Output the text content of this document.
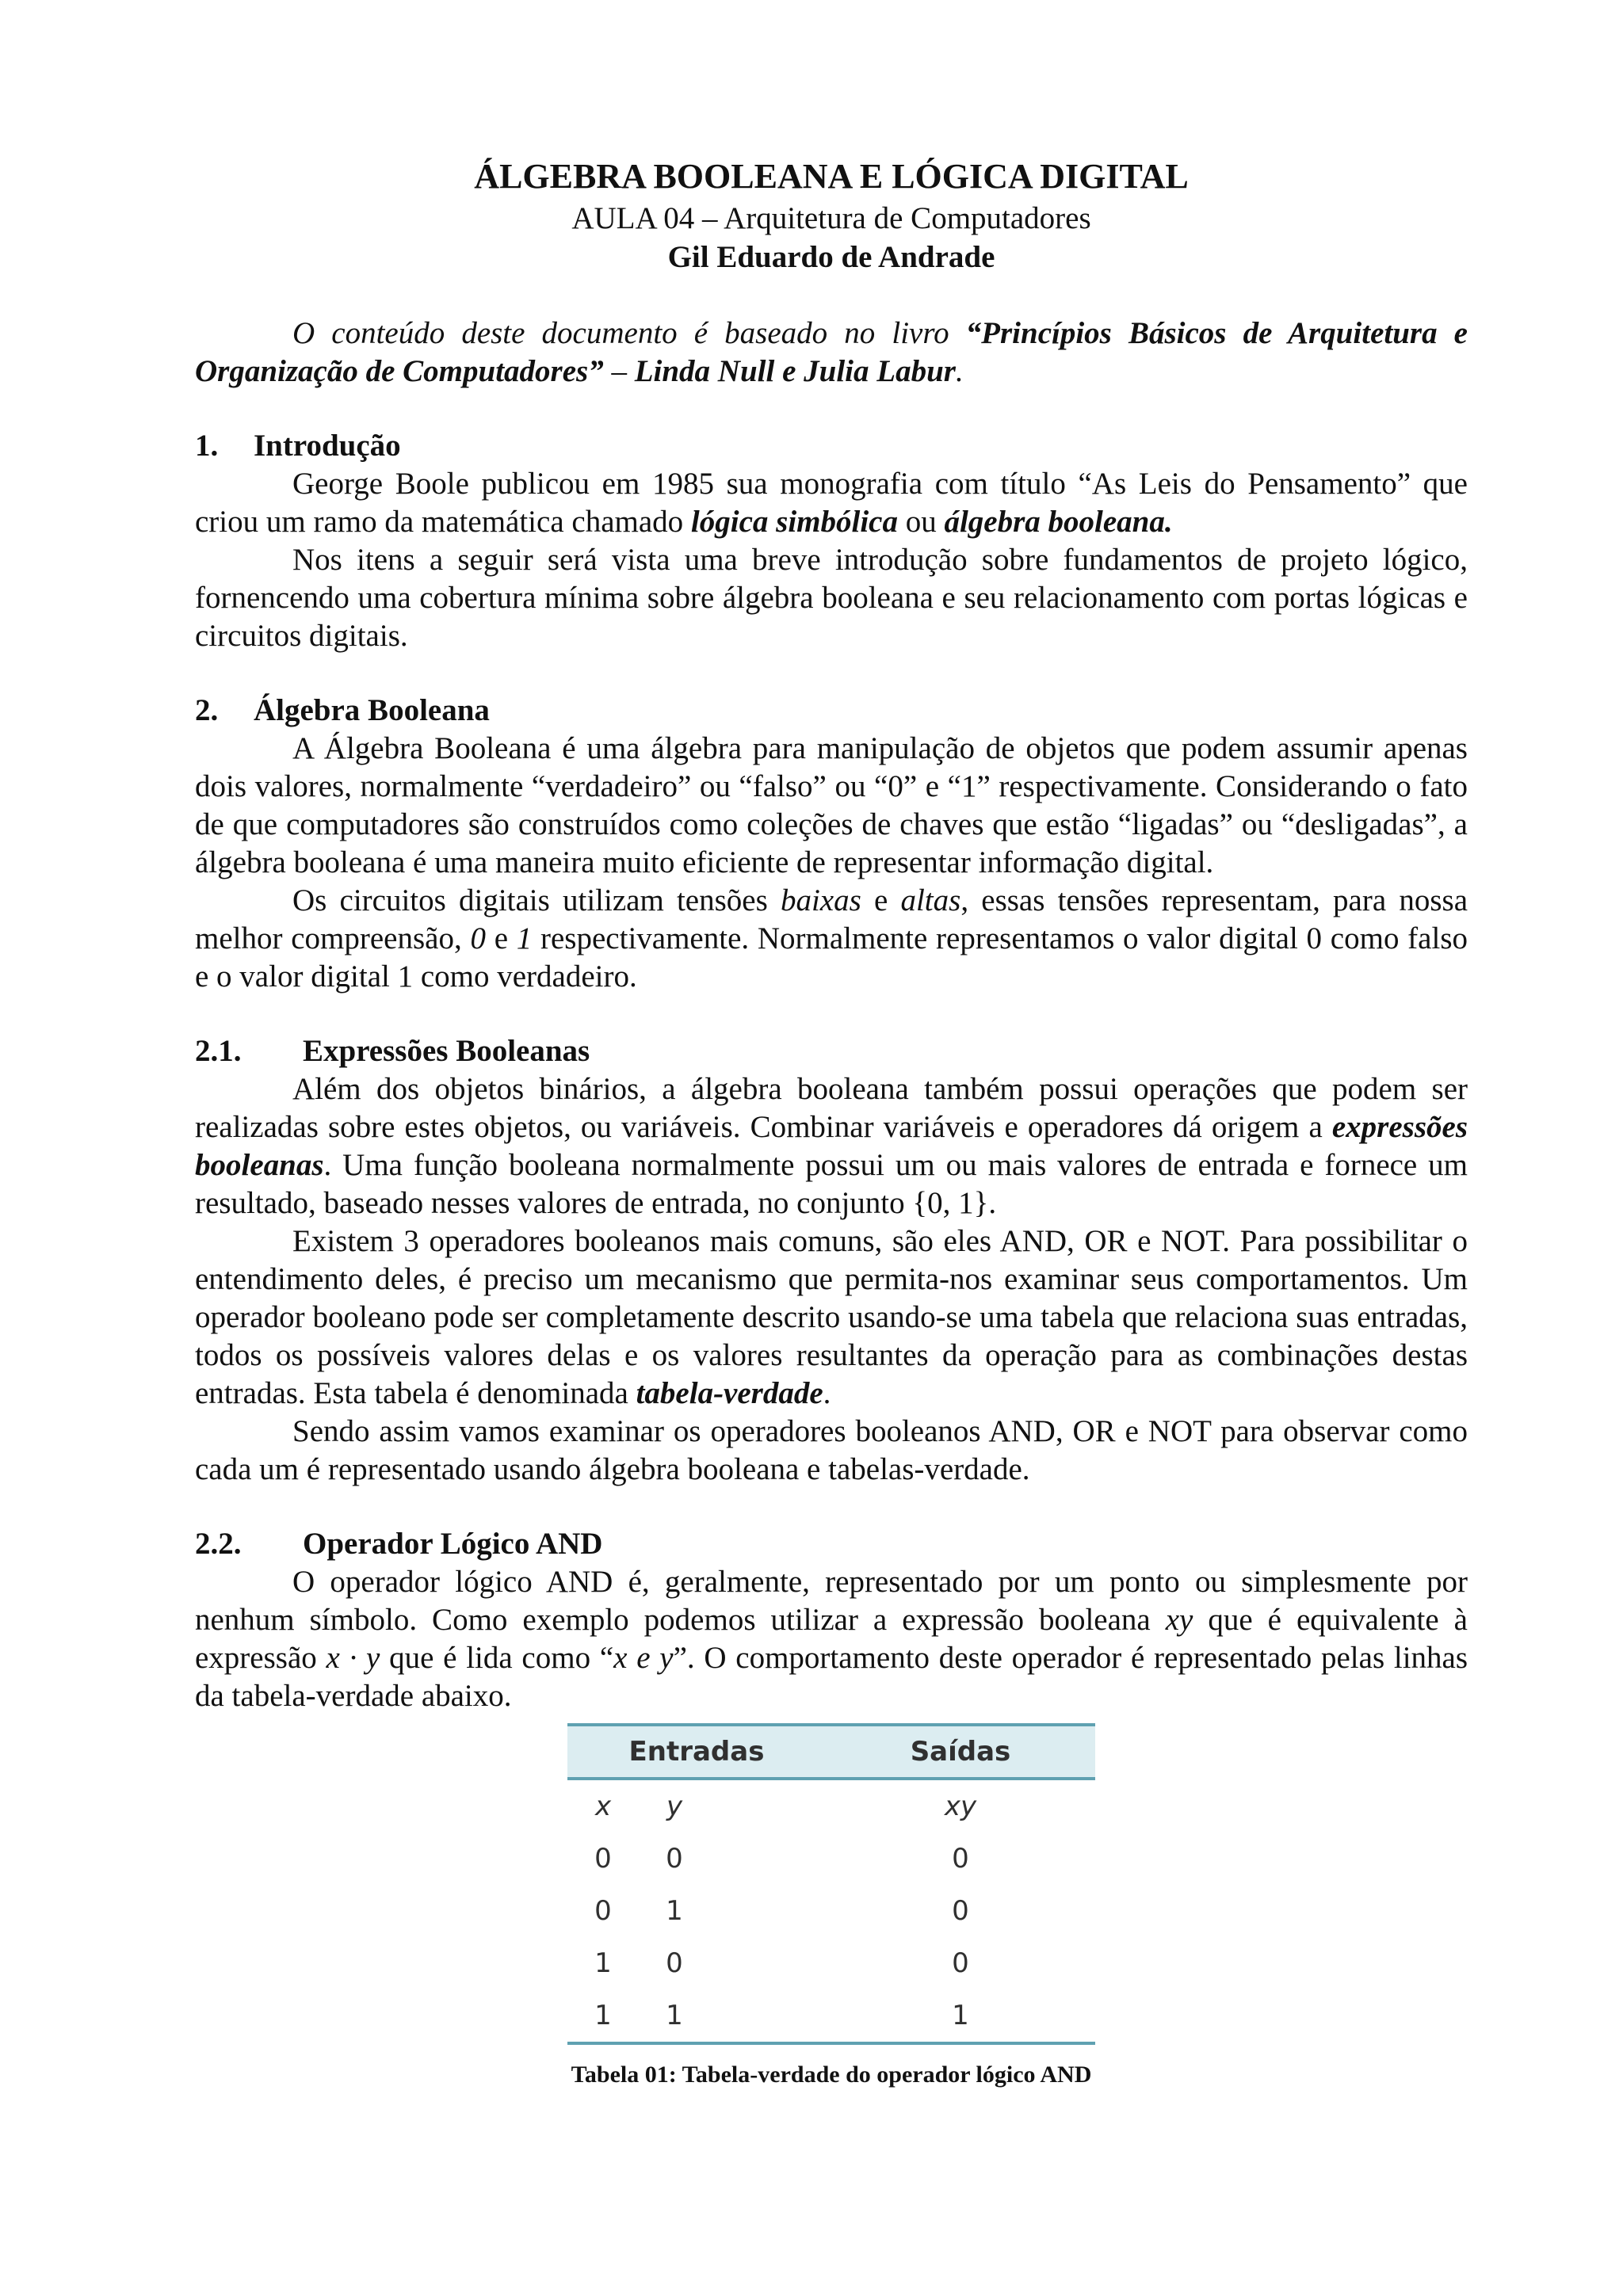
ÁLGEBRA BOOLEANA E LÓGICA DIGITAL
AULA 04 – Arquitetura de Computadores
Gil Eduardo de Andrade

O conteúdo deste documento é baseado no livro “Princípios Básicos de Arquitetura e Organização de Computadores” – Linda Null e Julia Labur.

1. Introdução

George Boole publicou em 1985 sua monografia com título “As Leis do Pensamento” que criou um ramo da matemática chamado lógica simbólica ou álgebra booleana.

Nos itens a seguir será vista uma breve introdução sobre fundamentos de projeto lógico, fornencendo uma cobertura mínima sobre álgebra booleana e seu relacionamento com portas lógicas e circuitos digitais.

2. Álgebra Booleana

A Álgebra Booleana é uma álgebra para manipulação de objetos que podem assumir apenas dois valores, normalmente “verdadeiro” ou “falso” ou “0” e “1” respectivamente. Considerando o fato de que computadores são construídos como coleções de chaves que estão “ligadas” ou “desligadas”, a álgebra booleana é uma maneira muito eficiente de representar informação digital.

Os circuitos digitais utilizam tensões baixas e altas, essas tensões representam, para nossa melhor compreensão, 0 e 1 respectivamente. Normalmente representamos o valor digital 0 como falso e o valor digital 1 como verdadeiro.

2.1. Expressões Booleanas

Além dos objetos binários, a álgebra booleana também possui operações que podem ser realizadas sobre estes objetos, ou variáveis. Combinar variáveis e operadores dá origem a expressões booleanas. Uma função booleana normalmente possui um ou mais valores de entrada e fornece um resultado, baseado nesses valores de entrada, no conjunto {0, 1}.

Existem 3 operadores booleanos mais comuns, são eles AND, OR e NOT. Para possibilitar o entendimento deles, é preciso um mecanismo que permita-nos examinar seus comportamentos. Um operador booleano pode ser completamente descrito usando-se uma tabela que relaciona suas entradas, todos os possíveis valores delas e os valores resultantes da operação para as combinações destas entradas. Esta tabela é denominada tabela-verdade.

Sendo assim vamos examinar os operadores booleanos AND, OR e NOT para observar como cada um é representado usando álgebra booleana e tabelas-verdade.

2.2. Operador Lógico AND

O operador lógico AND é, geralmente, representado por um ponto ou simplesmente por nenhum símbolo. Como exemplo podemos utilizar a expressão booleana xy que é equivalente à expressão x · y que é lida como “x e y”. O comportamento deste operador é representado pelas linhas da tabela-verdade abaixo.

Entradas			Saídas
x	y		xy
0	0		0
0	1		0
1	0		0
1	1		1
Tabela 01: Tabela-verdade do operador lógico AND
